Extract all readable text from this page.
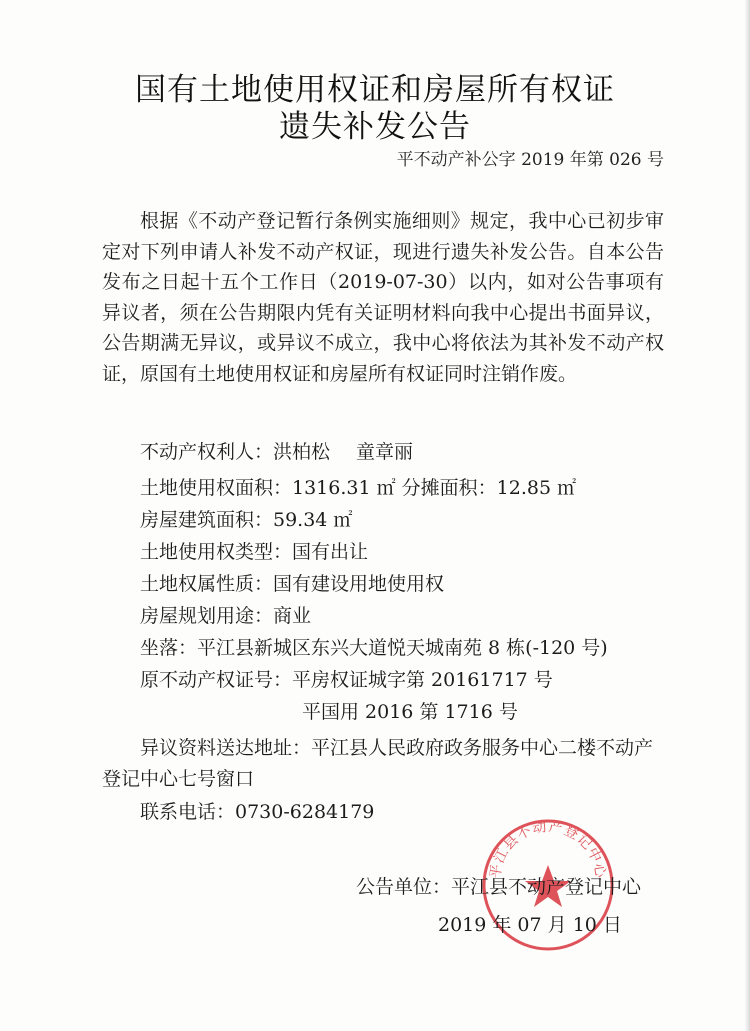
国有土地使用权证和房屋所有权证
遗失补发公告
平不动产补公字 2019 年第 026 号

根据《不动产登记暂行条例实施细则》规定，我中心已初步审定对下列申请人补发不动产权证，现进行遗失补发公告。自本公告发布之日起十五个工作日（2019-07-30）以内，如对公告事项有异议者，须在公告期限内凭有关证明材料向我中心提出书面异议，公告期满无异议，或异议不成立，我中心将依法为其补发不动产权证，原国有土地使用权证和房屋所有权证同时注销作废。

不动产权利人：洪柏松 童章丽
土地使用权面积：1316.31 ㎡ 分摊面积：12.85 ㎡
房屋建筑面积：59.34 ㎡
土地使用权类型：国有出让
土地权属性质：国有建设用地使用权
房屋规划用途：商业
坐落：平江县新城区东兴大道悦天城南苑 8 栋(-120 号)
原不动产权证号：平房权证城字第 20161717 号
平国用 2016 第 1716 号

异议资料送达地址：平江县人民政府政务服务中心二楼不动产登记中心七号窗口

联系电话：0730-6284179
平江县不动产登记中心
公告单位：平江县不动产登记中心
2019 年 07 月 10 日
